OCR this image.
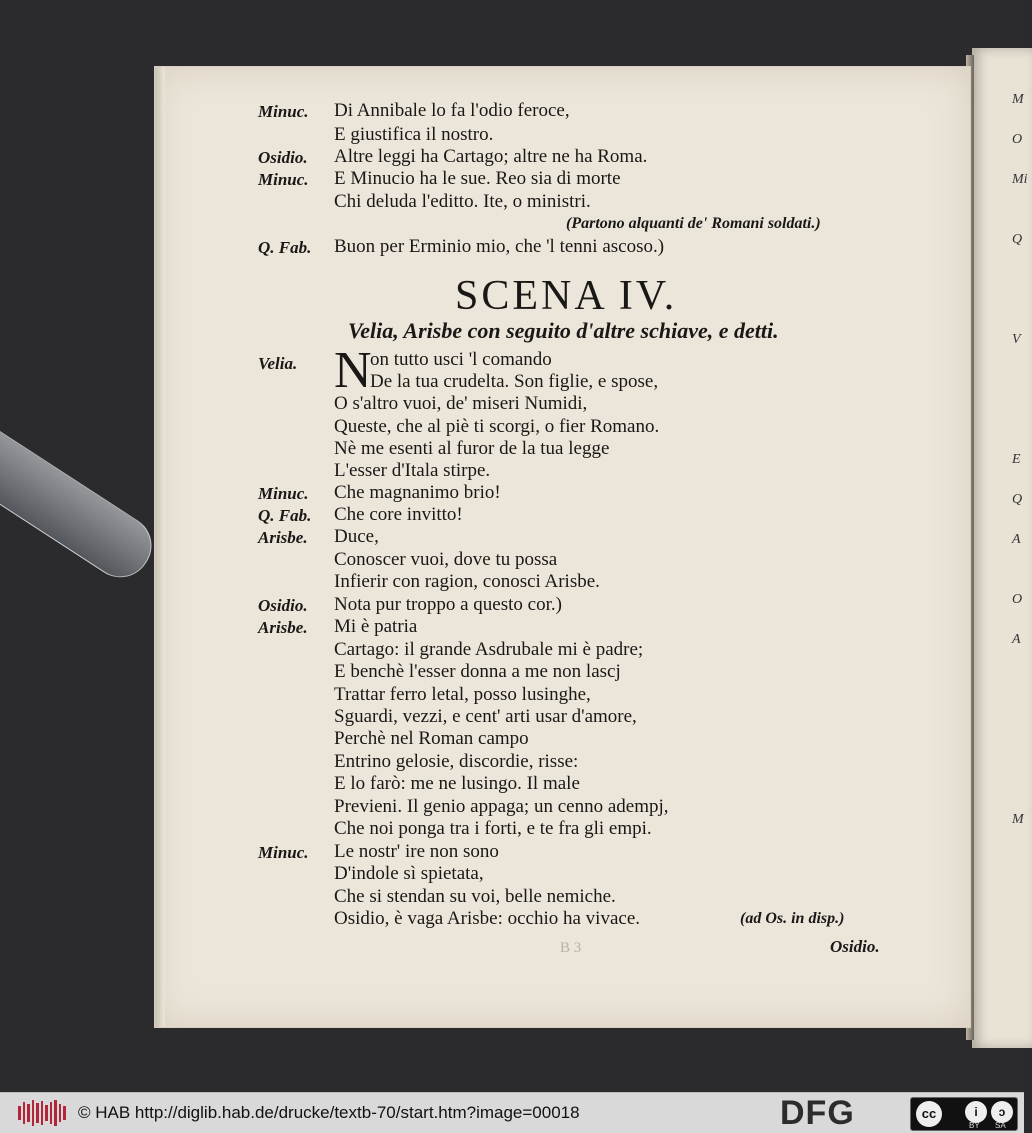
M
O
Mi
Q
V
E
Q
A
O
A
M
Minuc. Di Annibale lo fa l'odio feroce,
E giustifica il nostro.
Osidio. Altre leggi ha Cartago; altre ne ha Roma.
Minuc. E Minucio ha le sue. Reo sia di morte
Chi deluda l'editto. Ite, o ministri.
(Partono alquanti de' Romani soldati.)
Q. Fab. Buon per Erminio mio, che 'l tenni ascoso.)
SCENA IV.
Velia, Arisbe con seguito d'altre schiave, e detti.
Velia. N
on tutto usci 'l comando
De la tua crudelta. Son figlie, e spose,
O s'altro vuoi, de' miseri Numidi,
Queste, che al piè ti scorgi, o fier Romano.
Nè me esenti al furor de la tua legge
L'esser d'Itala stirpe.
Minuc. Che magnanimo brio!
Q. Fab. Che core invitto!
Arisbe. Duce,
Conoscer vuoi, dove tu possa
Infierir con ragion, conosci Arisbe.
Osidio. Nota pur troppo a questo cor.)
Arisbe. Mi è patria
Cartago: il grande Asdrubale mi è padre;
E benchè l'esser donna a me non lascj
Trattar ferro letal, posso lusinghe,
Sguardi, vezzi, e cent' arti usar d'amore,
Perchè nel Roman campo
Entrino gelosie, discordie, risse:
E lo farò: me ne lusingo. Il male
Previeni. Il genio appaga; un cenno adempj,
Che noi ponga tra i forti, e te fra gli empi.
Minuc. Le nostr' ire non sono
D'indole sì spietata,
Che si stendan su voi, belle nemiche.
Osidio, è vaga Arisbe: occhio ha vivace.	(ad Os. in disp.)
B 3	Osidio.
© HAB http://diglib.hab.de/drucke/textb-70/start.htm?image=00018	DFG	cc	i	ↄ
BY SA
